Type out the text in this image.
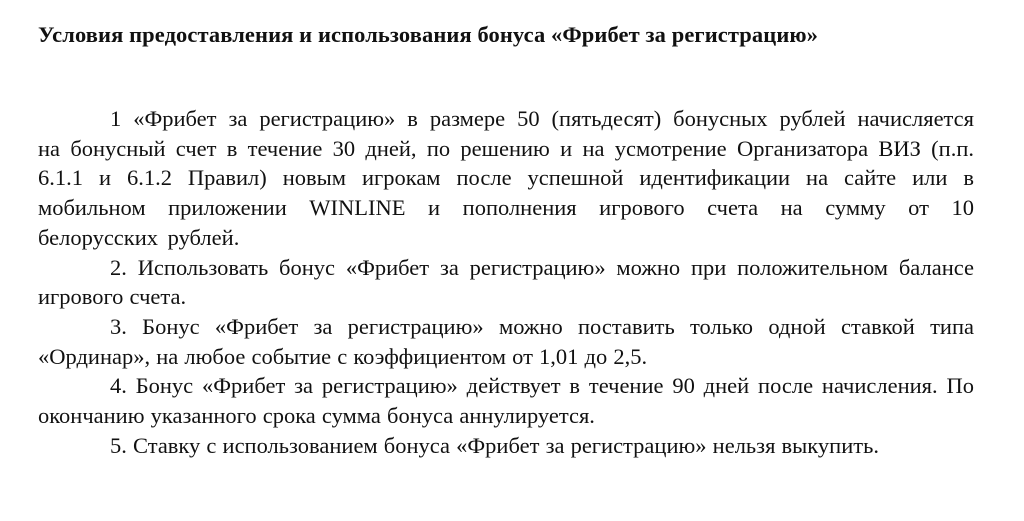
Условия предоставления и использования бонуса «Фрибет за регистрацию»

1 «Фрибет за регистрацию» в размере 50 (пятьдесят) бонусных рублей начисляется на бонусный счет в течение 30 дней, по решению и на усмотрение Организатора ВИЗ (п.п. 6.1.1 и 6.1.2 Правил) новым игрокам после успешной идентификации на сайте или в мобильном приложении WINLINE и пополнения игрового счета на сумму от 10 белорусских рублей.

2. Использовать бонус «Фрибет за регистрацию» можно при положительном балансе игрового счета.

3. Бонус «Фрибет за регистрацию» можно поставить только одной ставкой типа «Ординар», на любое событие с коэффициентом от 1,01 до 2,5.

4. Бонус «Фрибет за регистрацию» действует в течение 90 дней после начисления. По окончанию указанного срока сумма бонуса аннулируется.

5. Ставку с использованием бонуса «Фрибет за регистрацию» нельзя выкупить.
